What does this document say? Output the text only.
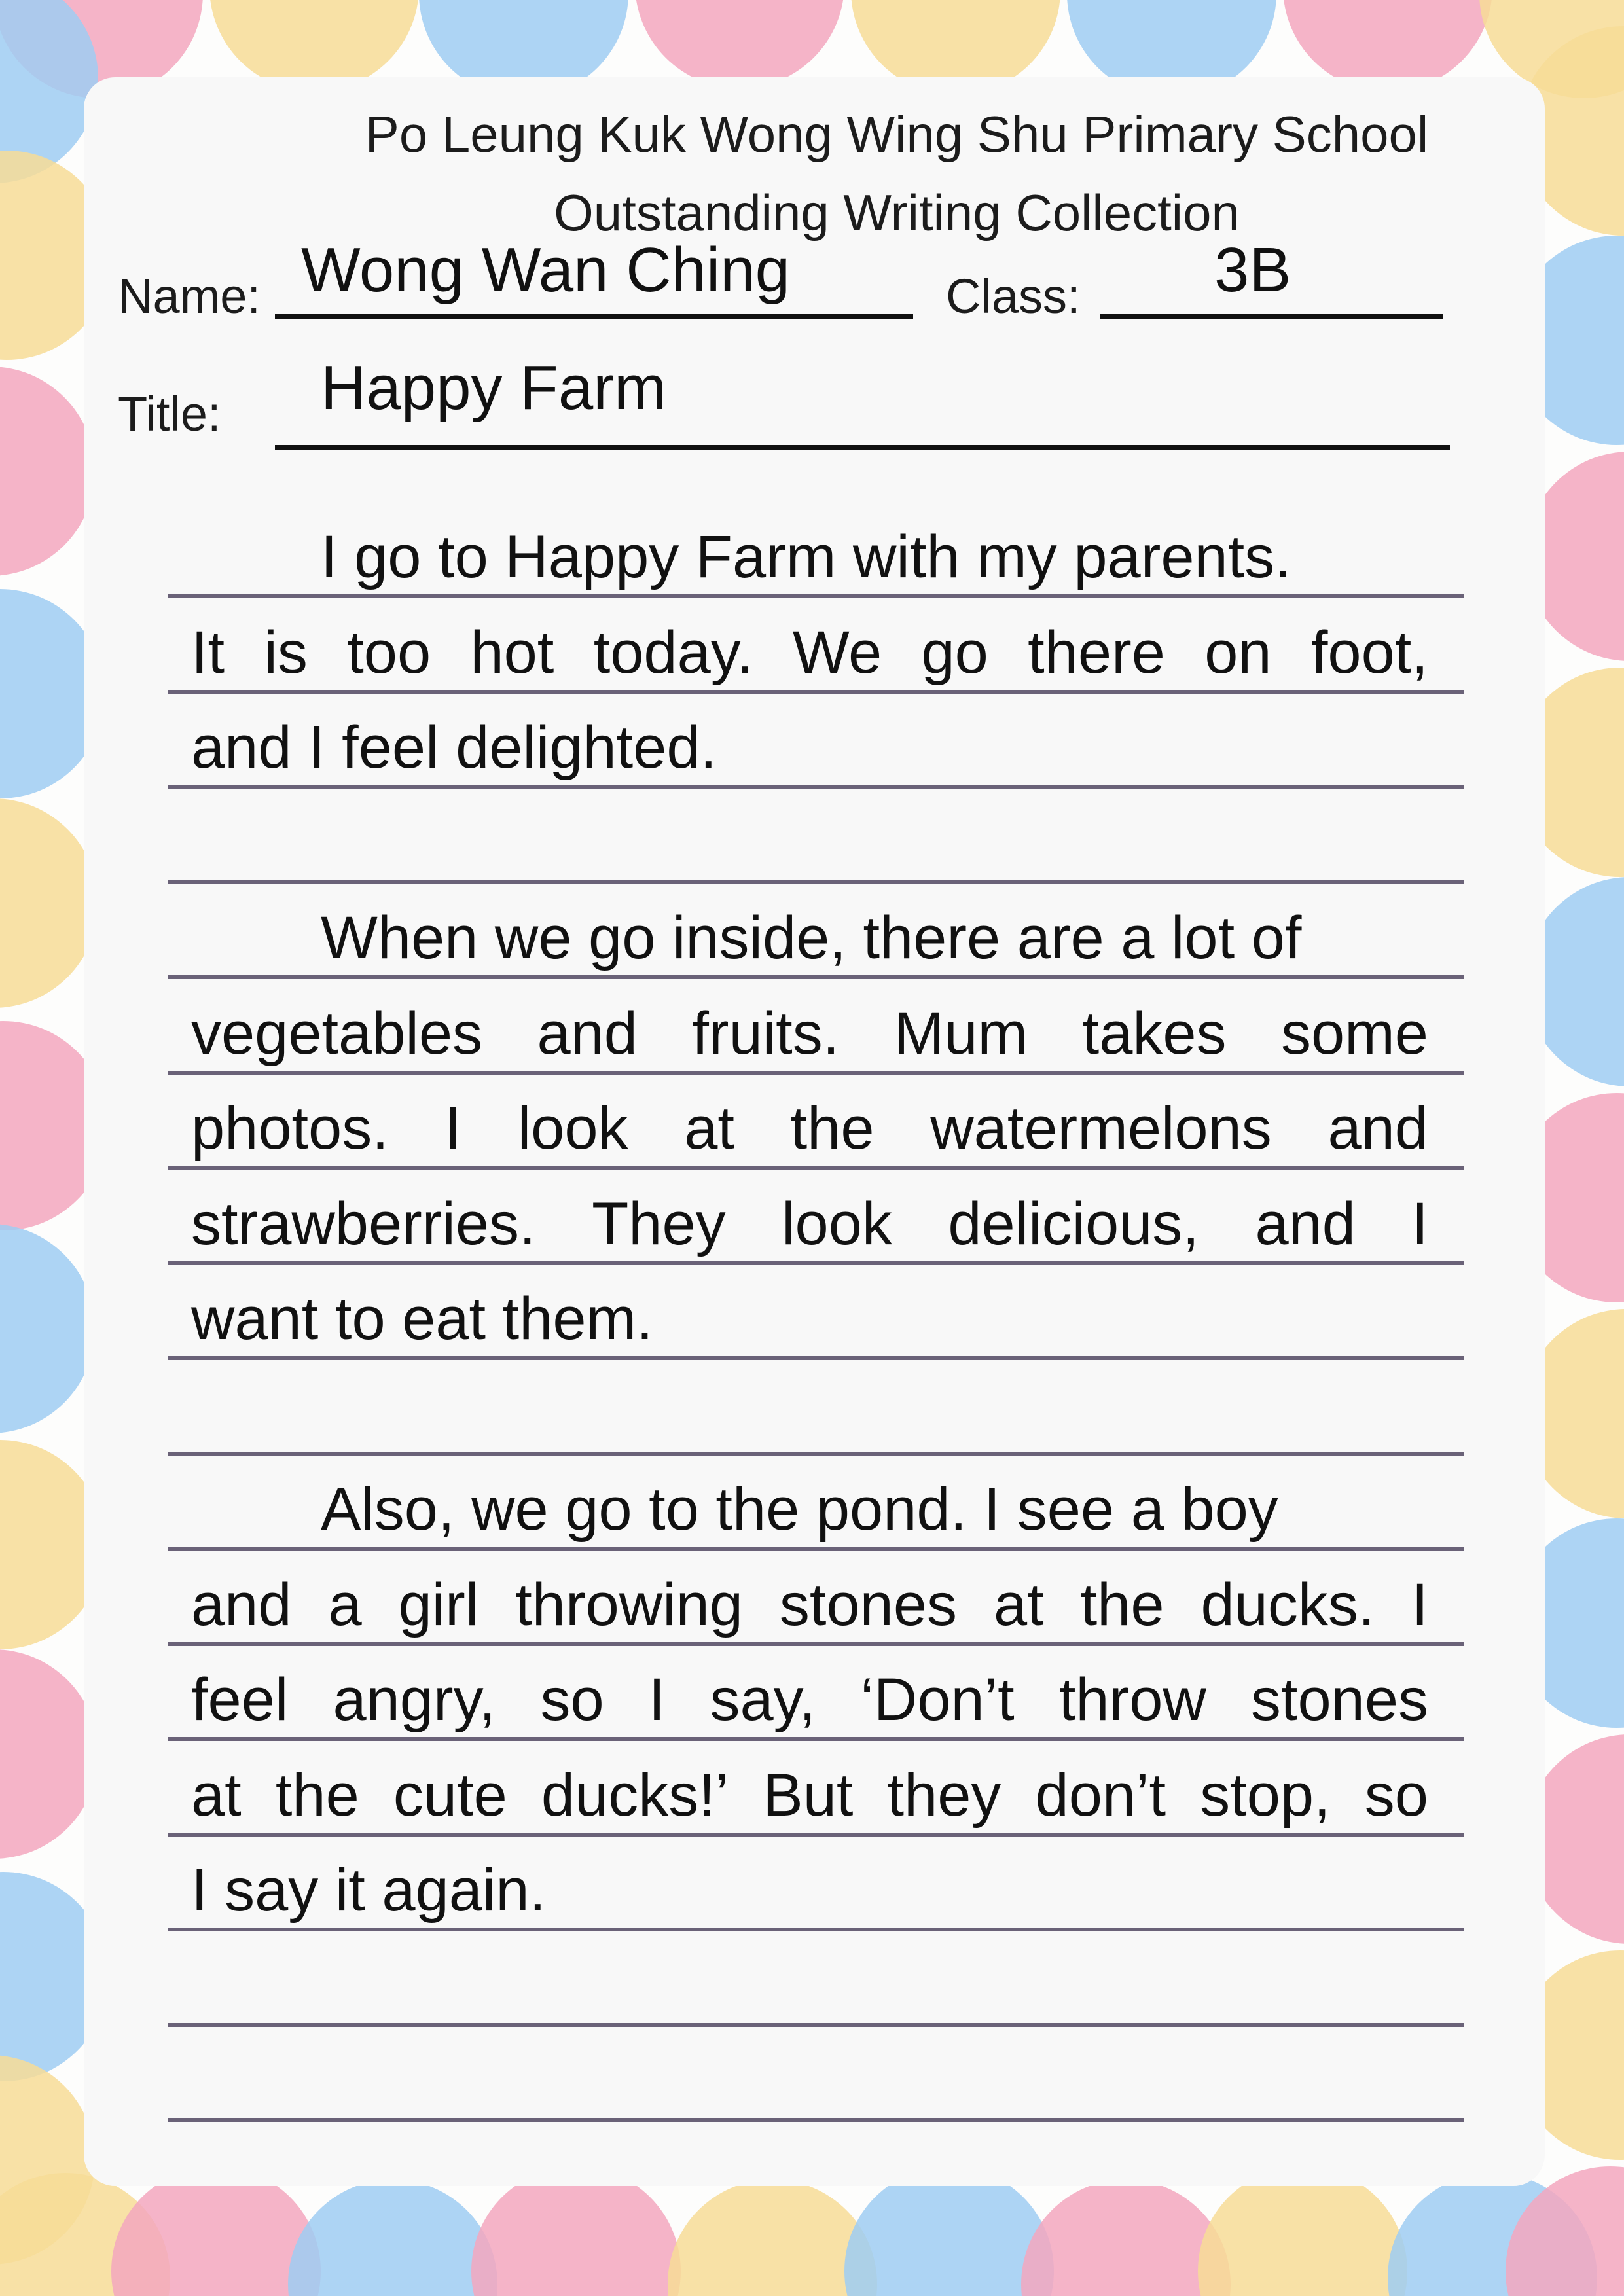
Po Leung Kuk Wong Wing Shu Primary School
Outstanding Writing Collection
Name: Wong Wan Ching	Class: 3B
Title: Happy Farm
I go to Happy Farm with my parents.
It is too hot today. We go there on foot,
and I feel delighted.
When we go inside, there are a lot of
vegetables and fruits. Mum takes some
photos. I look at the watermelons and
strawberries. They look delicious, and I
want to eat them.
Also, we go to the pond. I see a boy
and a girl throwing stones at the ducks. I
feel angry, so I say, ‘Don’t throw stones
at the cute ducks!’ But they don’t stop, so
I say it again.
